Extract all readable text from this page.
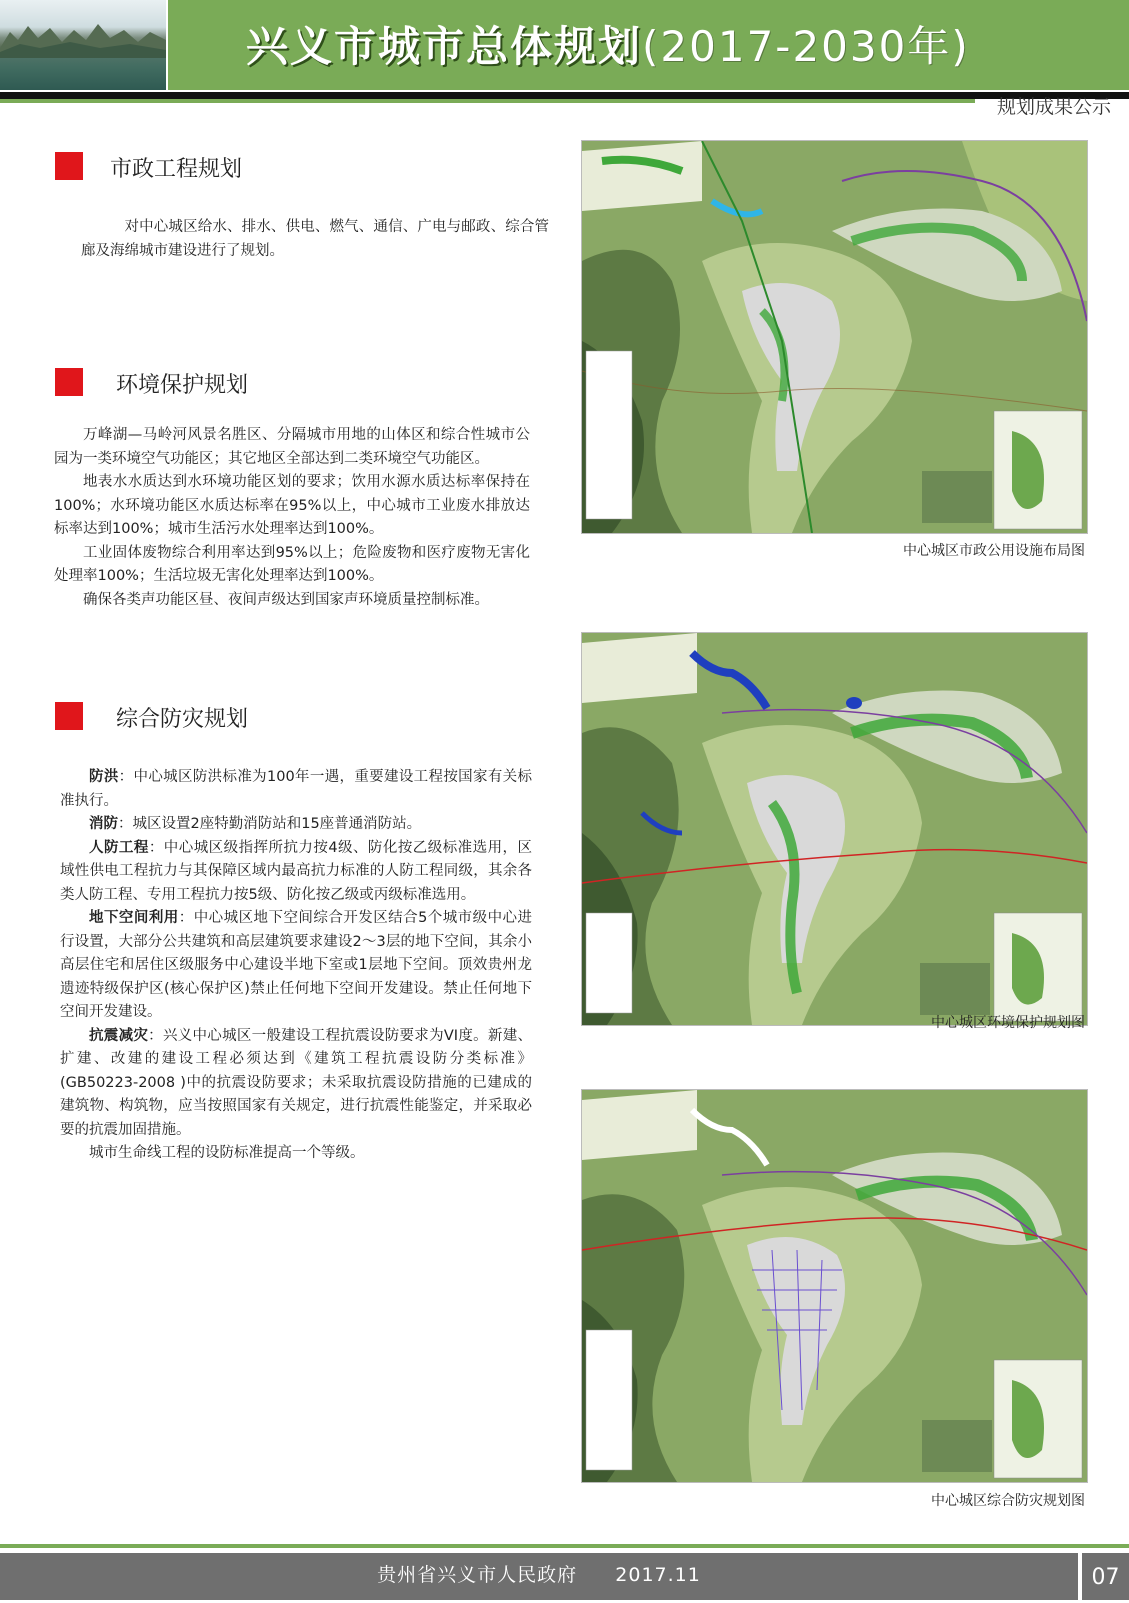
兴义市城市总体规划(2017-2030年)
规划成果公示
市政工程规划

对中心城区给水、排水、供电、燃气、通信、广电与邮政、综合管廊及海绵城市建设进行了规划。

环境保护规划

万峰湖—马岭河风景名胜区、分隔城市用地的山体区和综合性城市公园为一类环境空气功能区；其它地区全部达到二类环境空气功能区。

地表水水质达到水环境功能区划的要求；饮用水源水质达标率保持在100%；水环境功能区水质达标率在95%以上，中心城市工业废水排放达标率达到100%；城市生活污水处理率达到100%。

工业固体废物综合利用率达到95%以上；危险废物和医疗废物无害化处理率100%；生活垃圾无害化处理率达到100%。

确保各类声功能区昼、夜间声级达到国家声环境质量控制标准。

综合防灾规划

防洪：中心城区防洪标准为100年一遇，重要建设工程按国家有关标准执行。

消防：城区设置2座特勤消防站和15座普通消防站。

人防工程：中心城区级指挥所抗力按4级、防化按乙级标准选用，区域性供电工程抗力与其保障区域内最高抗力标准的人防工程同级，其余各类人防工程、专用工程抗力按5级、防化按乙级或丙级标准选用。

地下空间利用：中心城区地下空间综合开发区结合5个城市级中心进行设置，大部分公共建筑和高层建筑要求建设2～3层的地下空间，其余小高层住宅和居住区级服务中心建设半地下室或1层地下空间。顶效贵州龙遗迹特级保护区(核心保护区)禁止任何地下空间开发建设。禁止任何地下空间开发建设。

抗震减灾：兴义中心城区一般建设工程抗震设防要求为VI度。新建、扩建、改建的建设工程必须达到《建筑工程抗震设防分类标准》(GB50223-2008 )中的抗震设防要求；未采取抗震设防措施的已建成的建筑物、构筑物，应当按照国家有关规定，进行抗震性能鉴定，并采取必要的抗震加固措施。

城市生命线工程的设防标准提高一个等级。

中心城区市政公用设施布局图
中心城区环境保护规划图
中心城区综合防灾规划图
贵州省兴义市人民政府 2017.11	07
